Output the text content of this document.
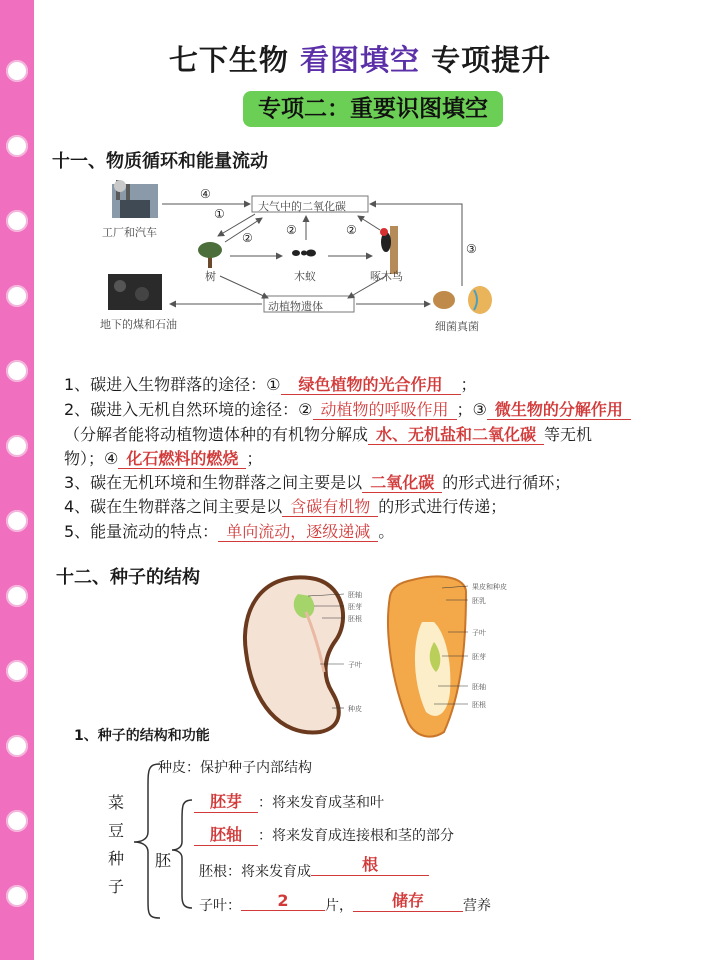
七下生物 看图填空 专项提升
专项二：重要识图填空
十一、物质循环和能量流动
大气中的二氧化碳
动植物遗体
工厂和汽车
树	木蚁	啄木鸟
地下的煤和石油	细菌真菌
④
①
②
②	②
③
1、碳进入生物群落的途径：① 绿色植物的光合作用 ；
2、碳进入无机自然环境的途径：② 动植物的呼吸作用 ；③ 微生物的分解作用
（分解者能将动植物遗体种的有机物分解成 水、无机盐和二氧化碳 等无机
物）；④ 化石燃料的燃烧 ；
3、碳在无机环境和生物群落之间主要是以 二氧化碳 的形式进行循环；
4、碳在生物群落之间主要是以 含碳有机物 的形式进行传递；
5、能量流动的特点： 单向流动，逐级递减 。
十二、种子的结构
胚轴
胚芽
胚根
子叶
种皮
果皮和种皮
胚乳
子叶
胚芽
胚轴
胚根
1、种子的结构和功能
菜
豆
种
子
胚
种皮：保护种子内部结构
胚芽 ：将来发育成茎和叶
胚轴 ：将来发育成连接根和茎的部分
胚根：将来发育成	根
子叶： 2	片， 储存	营养
